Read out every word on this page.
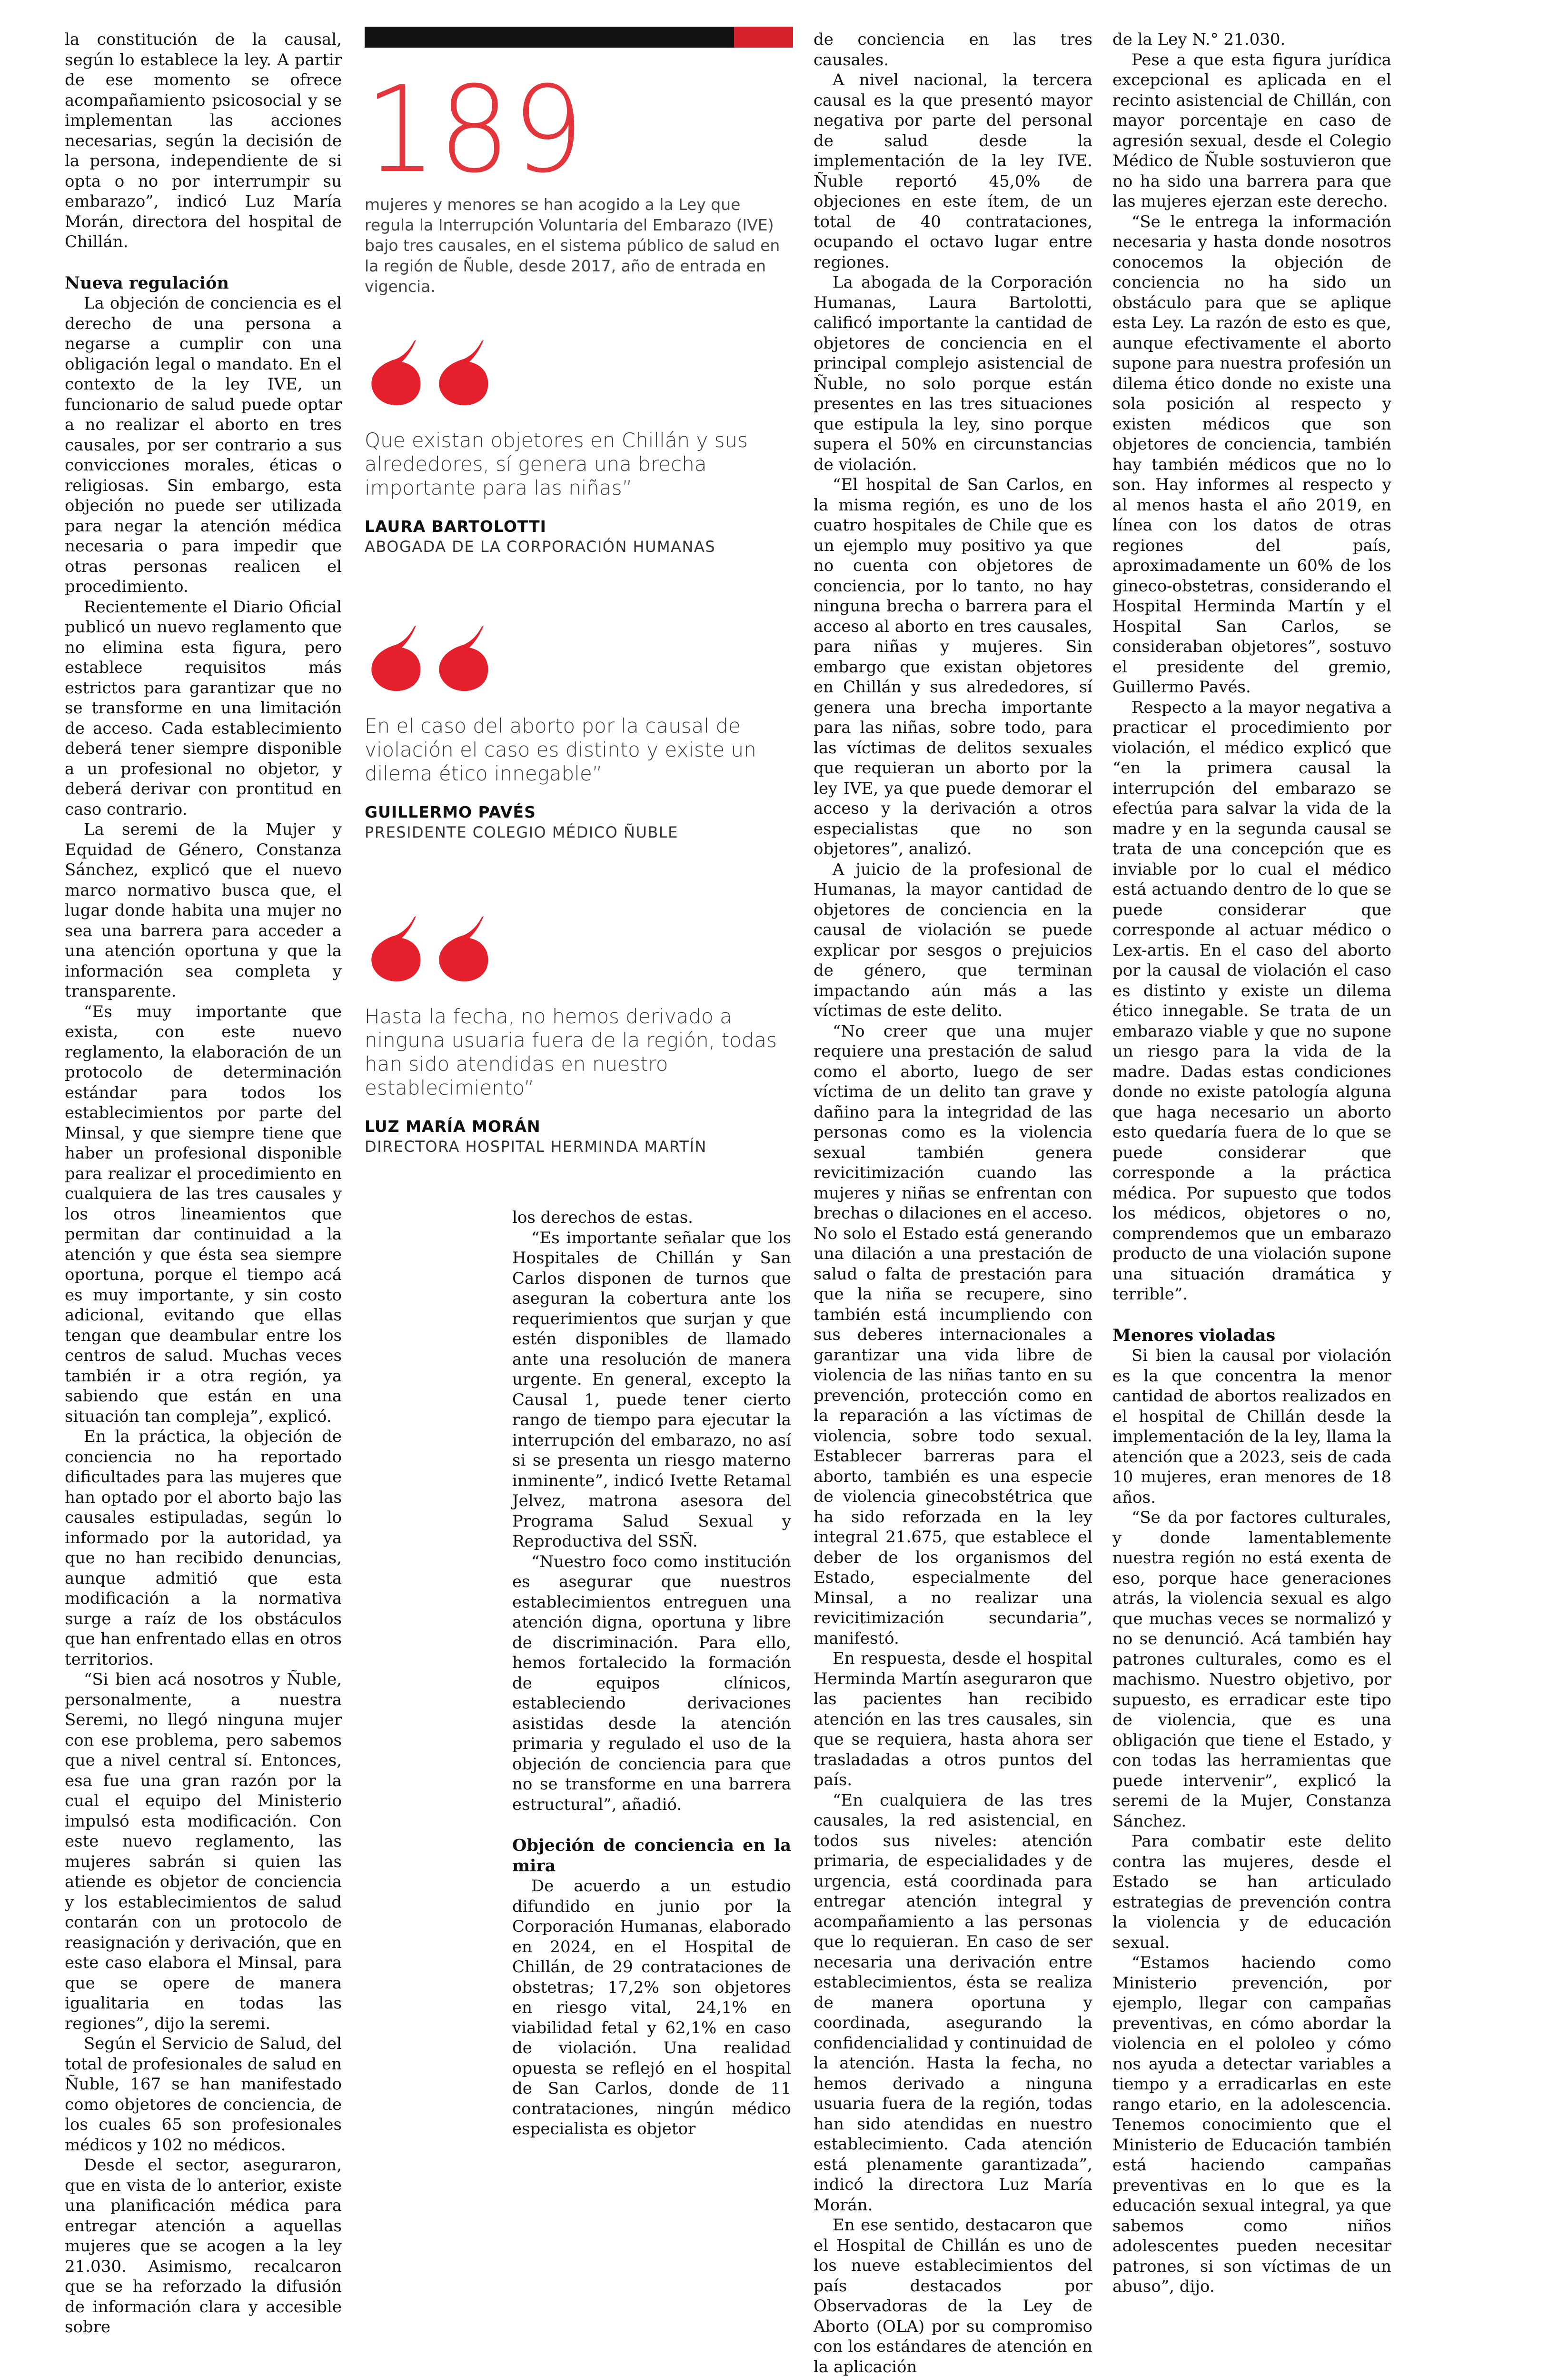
la constitución de la causal, según lo establece la ley. A partir de ese momento se ofrece acompañamiento psicosocial y se implementan las acciones necesarias, según la decisión de la persona, independiente de si opta o no por interrumpir su embarazo”, indicó Luz María Morán, directora del hospital de Chillán.

Nueva regulación

La objeción de conciencia es el derecho de una persona a negarse a cumplir con una obligación legal o mandato. En el contexto de la ley IVE, un funcionario de salud puede optar a no realizar el aborto en tres causales, por ser contrario a sus convicciones morales, éticas o religiosas. Sin embargo, esta objeción no puede ser utilizada para negar la atención médica necesaria o para impedir que otras personas realicen el procedimiento.

Recientemente el Diario Oficial publicó un nuevo reglamento que no elimina esta figura, pero establece requisitos más estrictos para garantizar que no se transforme en una limitación de acceso. Cada establecimiento deberá tener siempre disponible a un profesional no objetor, y deberá derivar con prontitud en caso contrario.

La seremi de la Mujer y Equidad de Género, Constanza Sánchez, explicó que el nuevo marco normativo busca que, el lugar donde habita una mujer no sea una barrera para acceder a una atención oportuna y que la información sea completa y transparente.

“Es muy importante que exista, con este nuevo reglamento, la elaboración de un protocolo de determinación estándar para todos los establecimientos por parte del Minsal, y que siempre tiene que haber un profesional disponible para realizar el procedimiento en cualquiera de las tres causales y los otros lineamientos que permitan dar continuidad a la atención y que ésta sea siempre oportuna, porque el tiempo acá es muy importante, y sin costo adicional, evitando que ellas tengan que deambular entre los centros de salud. Muchas veces también ir a otra región, ya sabiendo que están en una situación tan compleja”, explicó.

En la práctica, la objeción de conciencia no ha reportado dificultades para las mujeres que han optado por el aborto bajo las causales estipuladas, según lo informado por la autoridad, ya que no han recibido denuncias, aunque admitió que esta modificación a la normativa surge a raíz de los obstáculos que han enfrentado ellas en otros territorios.

“Si bien acá nosotros y Ñuble, personalmente, a nuestra Seremi, no llegó ninguna mujer con ese problema, pero sabemos que a nivel central sí. Entonces, esa fue una gran razón por la cual el equipo del Ministerio impulsó esta modificación. Con este nuevo reglamento, las mujeres sabrán si quien las atiende es objetor de conciencia y los establecimientos de salud contarán con un protocolo de reasignación y derivación, que en este caso elabora el Minsal, para que se opere de manera igualitaria en todas las regiones”, dijo la seremi.

Según el Servicio de Salud, del total de profesionales de salud en Ñuble, 167 se han manifestado como objetores de conciencia, de los cuales 65 son profesionales médicos y 102 no médicos.

Desde el sector, aseguraron, que en vista de lo anterior, existe una planificación médica para entregar atención a aquellas mujeres que se acogen a la ley 21.030. Asimismo, recalcaron que se ha reforzado la difusión de información clara y accesible sobre

189
mujeres y menores se han acogido a la Ley que regula la Interrupción Voluntaria del Embarazo (IVE) bajo tres causales, en el sistema público de salud en la región de Ñuble, desde 2017, año de entrada en vigencia.

Que existan objetores en Chillán y sus alrededores, sí genera una brecha importante para las niñas”

LAURA BARTOLOTTI

ABOGADA DE LA CORPORACIÓN HUMANAS

En el caso del aborto por la causal de violación el caso es distinto y existe un dilema ético innegable”

GUILLERMO PAVÉS

PRESIDENTE COLEGIO MÉDICO ÑUBLE

Hasta la fecha, no hemos derivado a ninguna usuaria fuera de la región, todas han sido atendidas en nuestro establecimiento”

LUZ MARÍA MORÁN

DIRECTORA HOSPITAL HERMINDA MARTÍN

los derechos de estas.

“Es importante señalar que los Hospitales de Chillán y San Carlos disponen de turnos que aseguran la cobertura ante los requerimientos que surjan y que estén disponibles de llamado ante una resolución de manera urgente. En general, excepto la Causal 1, puede tener cierto rango de tiempo para ejecutar la interrupción del embarazo, no así si se presenta un riesgo materno inminente”, indicó Ivette Retamal Jelvez, matrona asesora del Programa Salud Sexual y Reproductiva del SSÑ.

“Nuestro foco como institución es asegurar que nuestros establecimientos entreguen una atención digna, oportuna y libre de discriminación. Para ello, hemos fortalecido la formación de equipos clínicos, estableciendo derivaciones asistidas desde la atención primaria y regulado el uso de la objeción de conciencia para que no se transforme en una barrera estructural”, añadió.

Objeción de conciencia en la mira

De acuerdo a un estudio difundido en junio por la Corporación Humanas, elaborado en 2024, en el Hospital de Chillán, de 29 contrataciones de obstetras; 17,2% son objetores en riesgo vital, 24,1% en viabilidad fetal y 62,1% en caso de violación. Una realidad opuesta se reflejó en el hospital de San Carlos, donde de 11 contrataciones, ningún médico especialista es objetor

de conciencia en las tres causales.

A nivel nacional, la tercera causal es la que presentó mayor negativa por parte del personal de salud desde la implementación de la ley IVE. Ñuble reportó 45,0% de objeciones en este ítem, de un total de 40 contrataciones, ocupando el octavo lugar entre regiones.

La abogada de la Corporación Humanas, Laura Bartolotti, calificó importante la cantidad de objetores de conciencia en el principal complejo asistencial de Ñuble, no solo porque están presentes en las tres situaciones que estipula la ley, sino porque supera el 50% en circunstancias de violación.

“El hospital de San Carlos, en la misma región, es uno de los cuatro hospitales de Chile que es un ejemplo muy positivo ya que no cuenta con objetores de conciencia, por lo tanto, no hay ninguna brecha o barrera para el acceso al aborto en tres causales, para niñas y mujeres. Sin embargo que existan objetores en Chillán y sus alrededores, sí genera una brecha importante para las niñas, sobre todo, para las víctimas de delitos sexuales que requieran un aborto por la ley IVE, ya que puede demorar el acceso y la derivación a otros especialistas que no son objetores”, analizó.

A juicio de la profesional de Humanas, la mayor cantidad de objetores de conciencia en la causal de violación se puede explicar por sesgos o prejuicios de género, que terminan impactando aún más a las víctimas de este delito.

“No creer que una mujer requiere una prestación de salud como el aborto, luego de ser víctima de un delito tan grave y dañino para la integridad de las personas como es la violencia sexual también genera revicitimización cuando las mujeres y niñas se enfrentan con brechas o dilaciones en el acceso. No solo el Estado está generando una dilación a una prestación de salud o falta de prestación para que la niña se recupere, sino también está incumpliendo con sus deberes internacionales a garantizar una vida libre de violencia de las niñas tanto en su prevención, protección como en la reparación a las víctimas de violencia, sobre todo sexual. Establecer barreras para el aborto, también es una especie de violencia ginecobstétrica que ha sido reforzada en la ley integral 21.675, que establece el deber de los organismos del Estado, especialmente del Minsal, a no realizar una revicitimización secundaria”, manifestó.

En respuesta, desde el hospital Herminda Martín aseguraron que las pacientes han recibido atención en las tres causales, sin que se requiera, hasta ahora ser trasladadas a otros puntos del país.

“En cualquiera de las tres causales, la red asistencial, en todos sus niveles: atención primaria, de especialidades y de urgencia, está coordinada para entregar atención integral y acompañamiento a las personas que lo requieran. En caso de ser necesaria una derivación entre establecimientos, ésta se realiza de manera oportuna y coordinada, asegurando la confidencialidad y continuidad de la atención. Hasta la fecha, no hemos derivado a ninguna usuaria fuera de la región, todas han sido atendidas en nuestro establecimiento. Cada atención está plenamente garantizada”, indicó la directora Luz María Morán.

En ese sentido, destacaron que el Hospital de Chillán es uno de los nueve establecimientos del país destacados por Observadoras de la Ley de Aborto (OLA) por su compromiso con los estándares de atención en la aplicación

de la Ley N.° 21.030.

Pese a que esta figura jurídica excepcional es aplicada en el recinto asistencial de Chillán, con mayor porcentaje en caso de agresión sexual, desde el Colegio Médico de Ñuble sostuvieron que no ha sido una barrera para que las mujeres ejerzan este derecho.

“Se le entrega la información necesaria y hasta donde nosotros conocemos la objeción de conciencia no ha sido un obstáculo para que se aplique esta Ley. La razón de esto es que, aunque efectivamente el aborto supone para nuestra profesión un dilema ético donde no existe una sola posición al respecto y existen médicos que son objetores de conciencia, también hay también médicos que no lo son. Hay informes al respecto y al menos hasta el año 2019, en línea con los datos de otras regiones del país, aproximadamente un 60% de los gineco-obstetras, considerando el Hospital Herminda Martín y el Hospital San Carlos, se consideraban objetores”, sostuvo el presidente del gremio, Guillermo Pavés.

Respecto a la mayor negativa a practicar el procedimiento por violación, el médico explicó que “en la primera causal la interrupción del embarazo se efectúa para salvar la vida de la madre y en la segunda causal se trata de una concepción que es inviable por lo cual el médico está actuando dentro de lo que se puede considerar que corresponde al actuar médico o Lex-artis. En el caso del aborto por la causal de violación el caso es distinto y existe un dilema ético innegable. Se trata de un embarazo viable y que no supone un riesgo para la vida de la madre. Dadas estas condiciones donde no existe patología alguna que haga necesario un aborto esto quedaría fuera de lo que se puede considerar que corresponde a la práctica médica. Por supuesto que todos los médicos, objetores o no, comprendemos que un embarazo producto de una violación supone una situación dramática y terrible”.

Menores violadas

Si bien la causal por violación es la que concentra la menor cantidad de abortos realizados en el hospital de Chillán desde la implementación de la ley, llama la atención que a 2023, seis de cada 10 mujeres, eran menores de 18 años.

“Se da por factores culturales, y donde lamentablemente nuestra región no está exenta de eso, porque hace generaciones atrás, la violencia sexual es algo que muchas veces se normalizó y no se denunció. Acá también hay patrones culturales, como es el machismo. Nuestro objetivo, por supuesto, es erradicar este tipo de violencia, que es una obligación que tiene el Estado, y con todas las herramientas que puede intervenir”, explicó la seremi de la Mujer, Constanza Sánchez.

Para combatir este delito contra las mujeres, desde el Estado se han articulado estrategias de prevención contra la violencia y de educación sexual.

“Estamos haciendo como Ministerio prevención, por ejemplo, llegar con campañas preventivas, en cómo abordar la violencia en el pololeo y cómo nos ayuda a detectar variables a tiempo y a erradicarlas en este rango etario, en la adolescencia. Tenemos conocimiento que el Ministerio de Educación también está haciendo campañas preventivas en lo que es la educación sexual integral, ya que sabemos como niños adolescentes pueden necesitar patrones, si son víctimas de un abuso”, dijo.
